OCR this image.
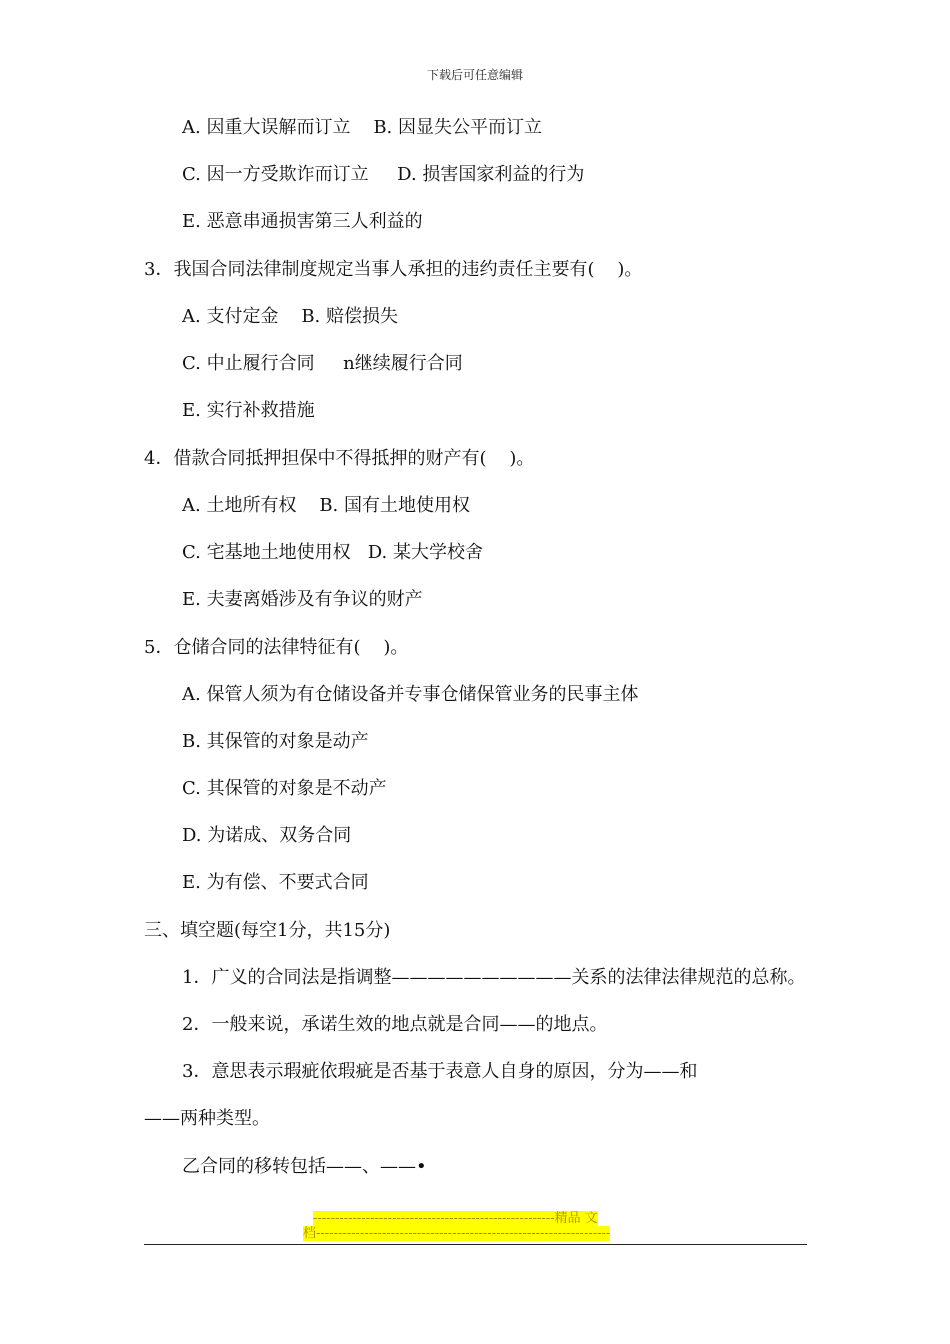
下载后可任意编辑
A. 因重大误解而订立    B. 因显失公平而订立
C. 因一方受欺诈而订立     D. 损害国家利益的行为
E. 恶意串通损害第三人利益的
3．我国合同法律制度规定当事人承担的违约责任主要有(    )。
A. 支付定金    B. 赔偿损失
C. 中止履行合同     n继续履行合同
E. 实行补救措施
4．借款合同抵押担保中不得抵押的财产有(    )。
A. 土地所有权    B. 国有土地使用权
C. 宅基地土地使用权   D. 某大学校舍
E. 夫妻离婚涉及有争议的财产
5．仓储合同的法律特征有(    )。
A. 保管人须为有仓储设备并专事仓储保管业务的民事主体
B. 其保管的对象是动产
C. 其保管的对象是不动产
D. 为诺成、双务合同
E. 为有偿、不要式合同
三、填空题(每空1分，共15分)
1．广义的合同法是指调整——————————关系的法律法律规范的总称。
2．一般来说，承诺生效的地点就是合同——的地点。
3．意思表示瑕疵依瑕疵是否基于表意人自身的原因，分为——和
——两种类型。
乙合同的移转包括——、——•
-------------------------------------------------------精品 文
档-------------------------------------------------------------------
